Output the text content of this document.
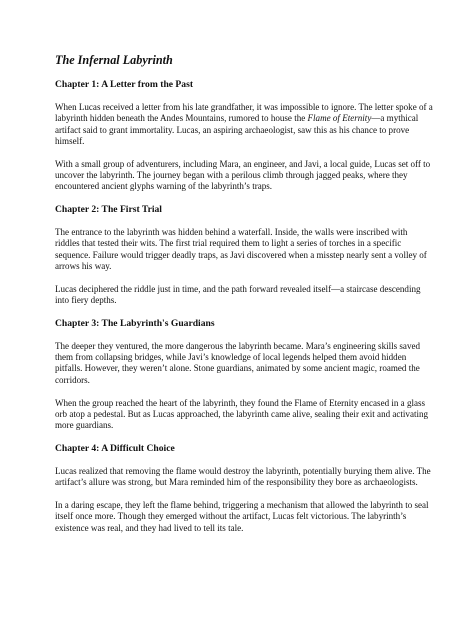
The Infernal Labyrinth
Chapter 1: A Letter from the Past

When Lucas received a letter from his late grandfather, it was impossible to ignore. The letter spoke of a labyrinth hidden beneath the Andes Mountains, rumored to house the Flame of Eternity—a mythical artifact said to grant immortality. Lucas, an aspiring archaeologist, saw this as his chance to prove himself.

With a small group of adventurers, including Mara, an engineer, and Javi, a local guide, Lucas set off to uncover the labyrinth. The journey began with a perilous climb through jagged peaks, where they encountered ancient glyphs warning of the labyrinth’s traps.

Chapter 2: The First Trial

The entrance to the labyrinth was hidden behind a waterfall. Inside, the walls were inscribed with riddles that tested their wits. The first trial required them to light a series of torches in a specific sequence. Failure would trigger deadly traps, as Javi discovered when a misstep nearly sent a volley of arrows his way.

Lucas deciphered the riddle just in time, and the path forward revealed itself—a staircase descending into fiery depths.

Chapter 3: The Labyrinth's Guardians

The deeper they ventured, the more dangerous the labyrinth became. Mara’s engineering skills saved them from collapsing bridges, while Javi’s knowledge of local legends helped them avoid hidden pitfalls. However, they weren’t alone. Stone guardians, animated by some ancient magic, roamed the corridors.

When the group reached the heart of the labyrinth, they found the Flame of Eternity encased in a glass orb atop a pedestal. But as Lucas approached, the labyrinth came alive, sealing their exit and activating more guardians.

Chapter 4: A Difficult Choice

Lucas realized that removing the flame would destroy the labyrinth, potentially burying them alive. The artifact’s allure was strong, but Mara reminded him of the responsibility they bore as archaeologists.

In a daring escape, they left the flame behind, triggering a mechanism that allowed the labyrinth to seal itself once more. Though they emerged without the artifact, Lucas felt victorious. The labyrinth’s existence was real, and they had lived to tell its tale.
